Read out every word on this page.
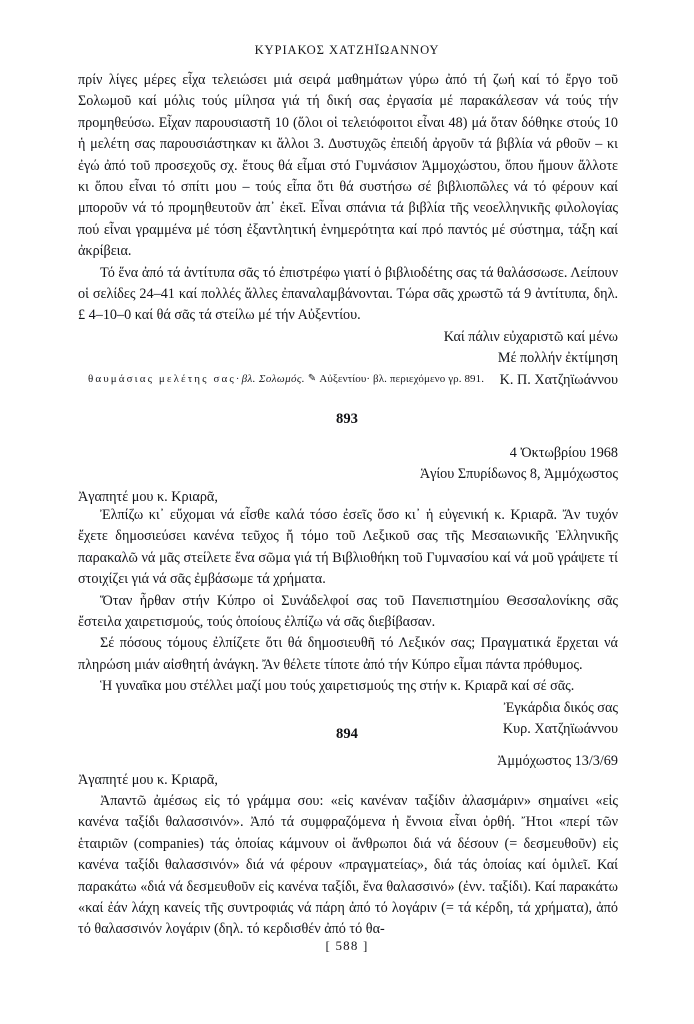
ΚΥΡΙΑΚΟΣ ΧΑΤΖΗΪΩΑΝΝΟΥ

πρίν λίγες μέρες εἶχα τελειώσει μιά σειρά μαθημάτων γύρω ἀπό τή ζωή καί τό ἔργο τοῦ Σολωμοῦ καί μόλις τούς μίλησα γιά τή δική σας ἐργασία μέ παρακάλεσαν νά τούς τήν προμηθεύσω. Εἶχαν παρουσιαστῆ 10 (ὅλοι οἱ τελειόφοιτοι εἶναι 48) μά ὅταν δόθηκε στούς 10 ἡ μελέτη σας παρουσιάστηκαν κι ἄλλοι 3. Δυστυχῶς ἐπειδή ἀργοῦν τά βιβλία νά ρθοῦν – κι ἐγώ ἀπό τοῦ προσεχοῦς σχ. ἔτους θά εἶμαι στό Γυμνάσιον Ἀμμοχώστου, ὅπου ἤμουν ἄλλοτε κι ὅπου εἶναι τό σπίτι μου – τούς εἶπα ὅτι θά συστήσω σέ βιβλιοπῶλες νά τό φέρουν καί μποροῦν νά τό προμηθευτοῦν ἀπ᾽ ἐκεῖ. Εἶναι σπάνια τά βιβλία τῆς νεοελληνικῆς φιλολογίας πού εἶναι γραμμένα μέ τόση ἐξαντλητική ἐνημερότητα καί πρό παντός μέ σύστημα, τάξη καί ἀκρίβεια.

Τό ἕνα ἀπό τά ἀντίτυπα σᾶς τό ἐπιστρέφω γιατί ὁ βιβλιοδέτης σας τά θαλάσσωσε. Λείπουν οἱ σελίδες 24–41 καί πολλές ἄλλες ἐπαναλαμβάνονται. Τώρα σᾶς χρωστῶ τά 9 ἀντίτυπα, δηλ. £ 4–10–0 καί θά σᾶς τά στείλω μέ τήν Αὐξεντίου.

Καί πάλιν εὐχαριστῶ καί μένω

Μέ πολλήν ἐκτίμηση

Κ. Π. Χατζηϊωάννου

θαυμάσιας μελέτης σας·βλ. Σολωμός. ✎ Αὐξεντίου· βλ. περιεχόμενο γρ. 891.
893
4 Ὀκτωβρίου 1968
Ἁγίου Σπυρίδωνος 8, Ἀμμόχωστος
Ἀγαπητέ μου κ. Κριαρᾶ,

Ἐλπίζω κι᾽ εὔχομαι νά εἶσθε καλά τόσο ἐσεῖς ὅσο κι᾽ ἡ εὐγενική κ. Κριαρᾶ. Ἄν τυχόν ἔχετε δημοσιεύσει κανένα τεῦχος ἤ τόμο τοῦ Λεξικοῦ σας τῆς Μεσαιωνικῆς Ἑλληνικῆς παρακαλῶ νά μᾶς στείλετε ἕνα σῶμα γιά τή Βιβλιοθήκη τοῦ Γυμνασίου καί νά μοῦ γράψετε τί στοιχίζει γιά νά σᾶς ἐμβάσωμε τά χρήματα.

Ὅταν ἦρθαν στήν Κύπρο οἱ Συνάδελφοί σας τοῦ Πανεπιστημίου Θεσσαλονίκης σᾶς ἔστειλα χαιρετισμούς, τούς ὁποίους ἐλπίζω νά σᾶς διεβίβασαν.

Σέ πόσους τόμους ἐλπίζετε ὅτι θά δημοσιευθῆ τό Λεξικόν σας; Πραγματικά ἔρχεται νά πληρώση μιάν αἰσθητή ἀνάγκη. Ἄν θέλετε τίποτε ἀπό τήν Κύπρο εἶμαι πάντα πρόθυμος.

Ἡ γυναῖκα μου στέλλει μαζί μου τούς χαιρετισμούς της στήν κ. Κριαρᾶ καί σέ σᾶς.

Ἐγκάρδια δικός σας

Κυρ. Χατζηϊωάννου

894
Ἀμμόχωστος 13/3/69
Ἀγαπητέ μου κ. Κριαρᾶ,

Ἀπαντῶ ἀμέσως εἰς τό γράμμα σου: «εἰς κανέναν ταξίδιν ἀλασμάριν» σημαίνει «εἰς κανένα ταξίδι θαλασσινόν». Ἀπό τά συμφραζόμενα ἡ ἔννοια εἶναι ὀρθή. Ἤτοι «περί τῶν ἑταιριῶν (companies) τάς ὁποίας κάμνουν οἱ ἄνθρωποι διά νά δέσουν (= δεσμευθοῦν) εἰς κανένα ταξίδι θαλασσινόν» διά νά φέρουν «πραγματείας», διά τάς ὁποίας καί ὁμιλεῖ. Καί παρακάτω «διά νά δεσμευθοῦν εἰς κανένα ταξίδι, ἕνα θαλασσινό» (ἐνν. ταξίδι). Καί παρακάτω «καί ἐάν λάχη κανείς τῆς συντροφιάς νά πάρη ἀπό τό λογάριν (= τά κέρδη, τά χρήματα), ἀπό τό θαλασσινόν λογάριν (δηλ. τό κερδισθέν ἀπό τό θα-

[ 588 ]
